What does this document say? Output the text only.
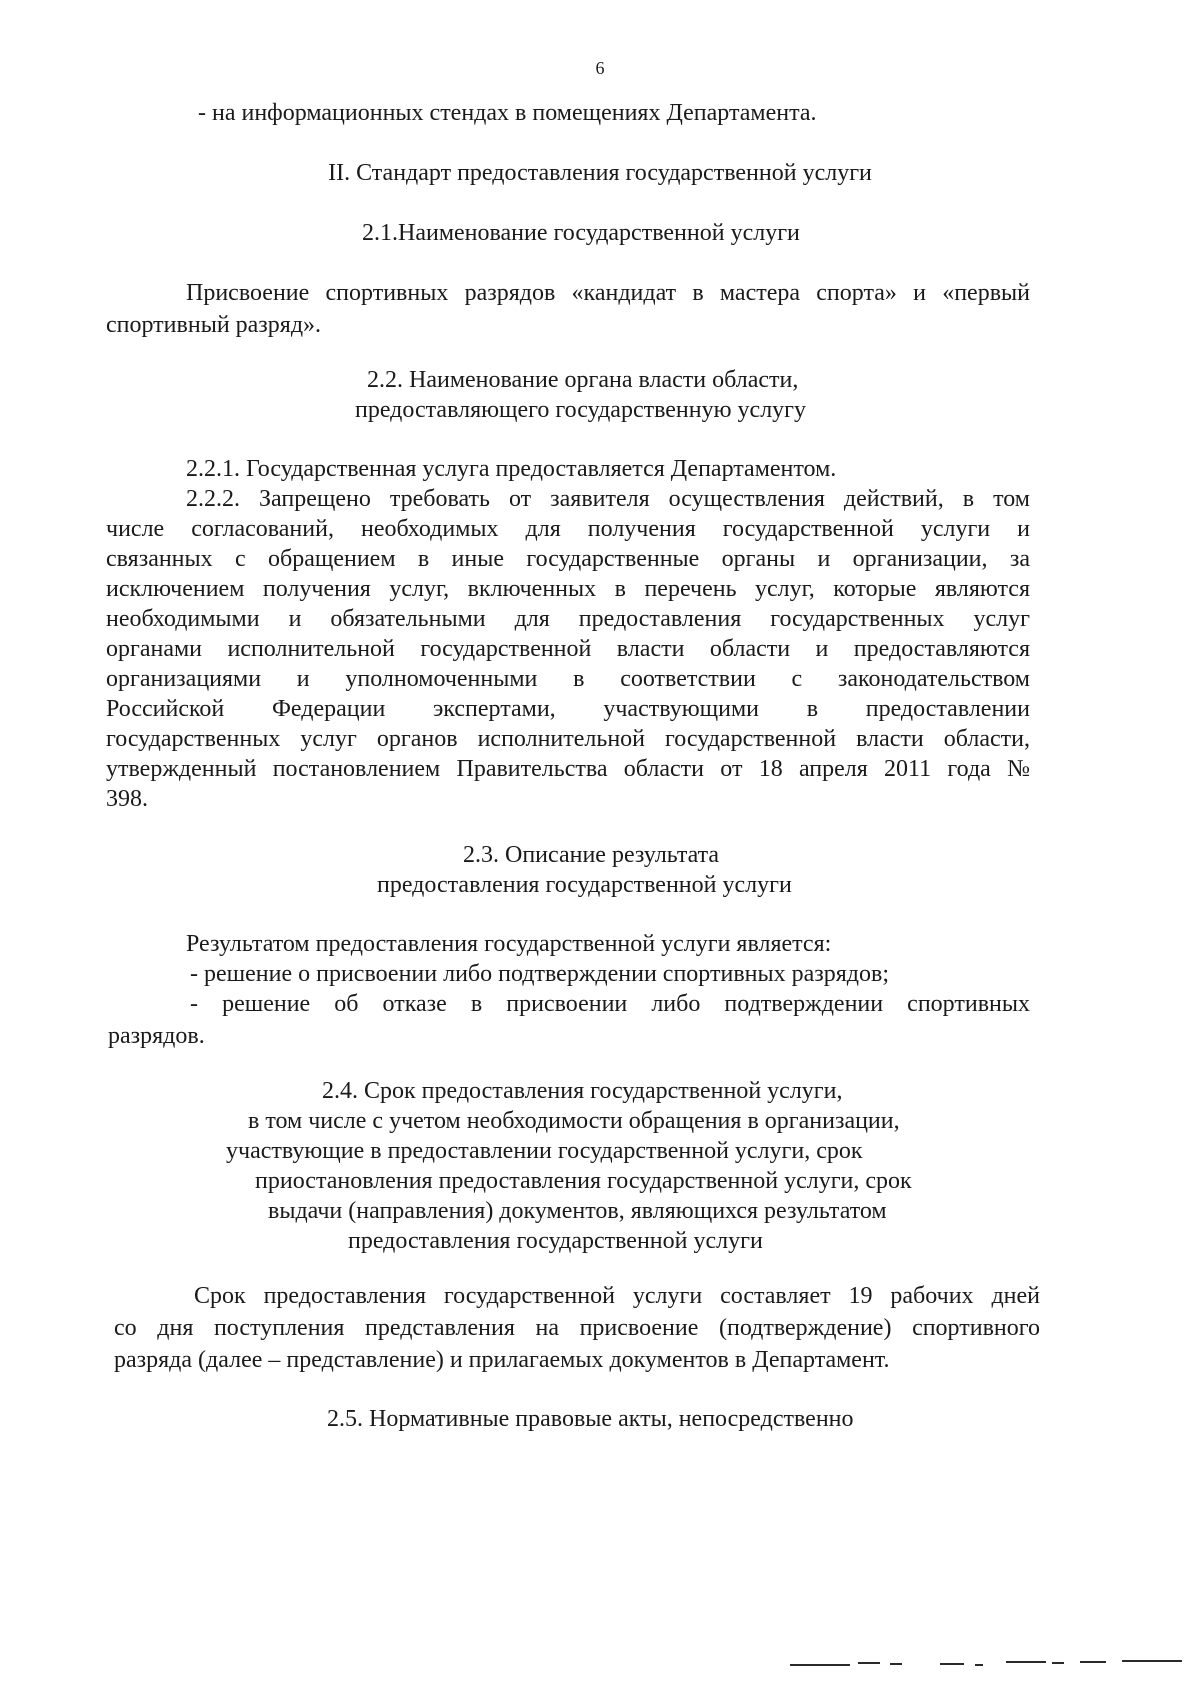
6
- на информационных стендах в помещениях Департамента.
II. Стандарт предоставления государственной услуги
2.1.Наименование государственной услуги
Присвоение спортивных разрядов «кандидат в мастера спорта» и «первый
спортивный разряд».
2.2. Наименование органа власти области,
предоставляющего государственную услугу
2.2.1. Государственная услуга предоставляется Департаментом.
2.2.2. Запрещено требовать от заявителя осуществления действий, в том
числе согласований, необходимых для получения государственной услуги и
связанных с обращением в иные государственные органы и организации, за
исключением получения услуг, включенных в перечень услуг, которые являются
необходимыми и обязательными для предоставления государственных услуг
органами исполнительной государственной власти области и предоставляются
организациями и уполномоченными в соответствии с законодательством
Российской Федерации экспертами, участвующими в предоставлении
государственных услуг органов исполнительной государственной власти области,
утвержденный постановлением Правительства области от 18 апреля 2011 года №
398.
2.3. Описание результата
предоставления государственной услуги
Результатом предоставления государственной услуги является:
- решение о присвоении либо подтверждении спортивных разрядов;
- решение об отказе в присвоении либо подтверждении спортивных
разрядов.
2.4. Срок предоставления государственной услуги,
в том числе с учетом необходимости обращения в организации,
участвующие в предоставлении государственной услуги, срок
приостановления предоставления государственной услуги, срок
выдачи (направления) документов, являющихся результатом
предоставления государственной услуги
Срок предоставления государственной услуги составляет 19 рабочих дней
со дня поступления представления на присвоение (подтверждение) спортивного
разряда (далее – представление) и прилагаемых документов в Департамент.
2.5. Нормативные правовые акты, непосредственно
